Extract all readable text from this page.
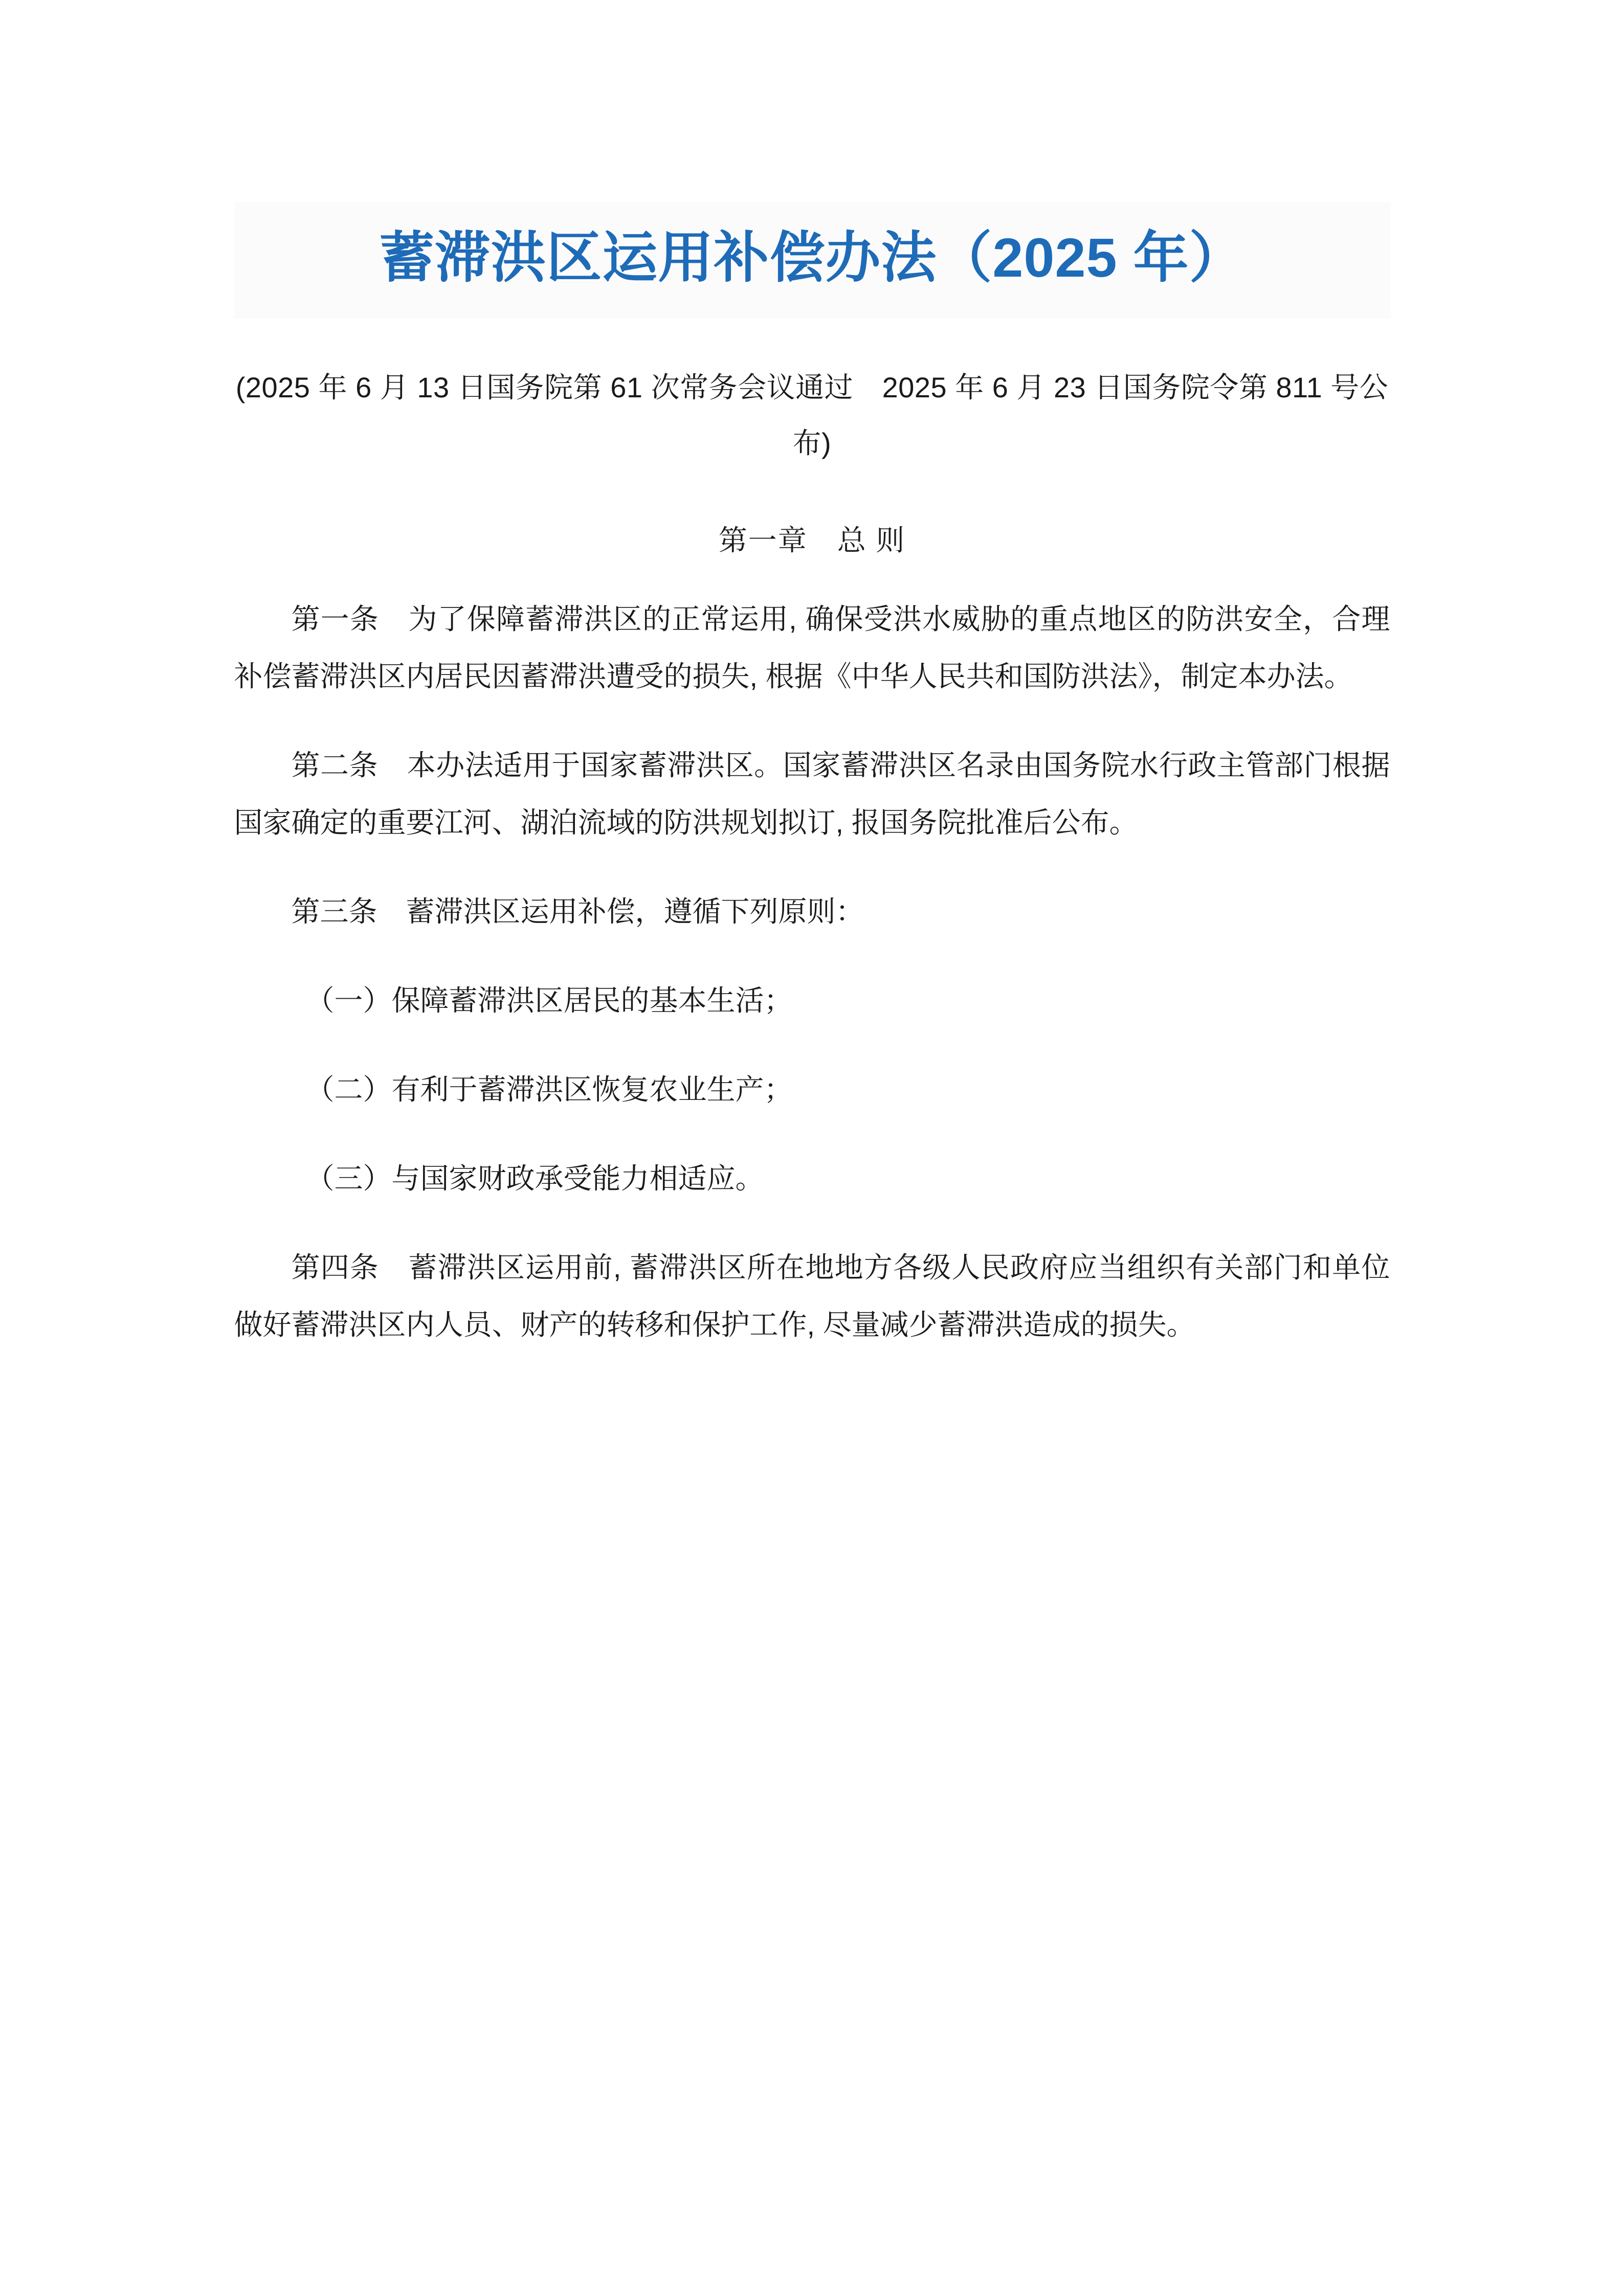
蓄滞洪区运用补偿办法（2025 年）

(2025 年 6 月 13 日国务院第 61 次常务会议通过　2025 年 6 月 23 日国务院令第 811 号公布)

第一章　总 则

第一条　为了保障蓄滞洪区的正常运用, 确保受洪水威胁的重点地区的防洪安全，合理补偿蓄滞洪区内居民因蓄滞洪遭受的损失, 根据《中华人民共和国防洪法》，制定本办法。

第二条　本办法适用于国家蓄滞洪区。国家蓄滞洪区名录由国务院水行政主管部门根据国家确定的重要江河、湖泊流域的防洪规划拟订, 报国务院批准后公布。

第三条　蓄滞洪区运用补偿，遵循下列原则：

（一）保障蓄滞洪区居民的基本生活；

（二）有利于蓄滞洪区恢复农业生产；

（三）与国家财政承受能力相适应。

第四条　蓄滞洪区运用前, 蓄滞洪区所在地地方各级人民政府应当组织有关部门和单位做好蓄滞洪区内人员、财产的转移和保护工作, 尽量减少蓄滞洪造成的损失。
